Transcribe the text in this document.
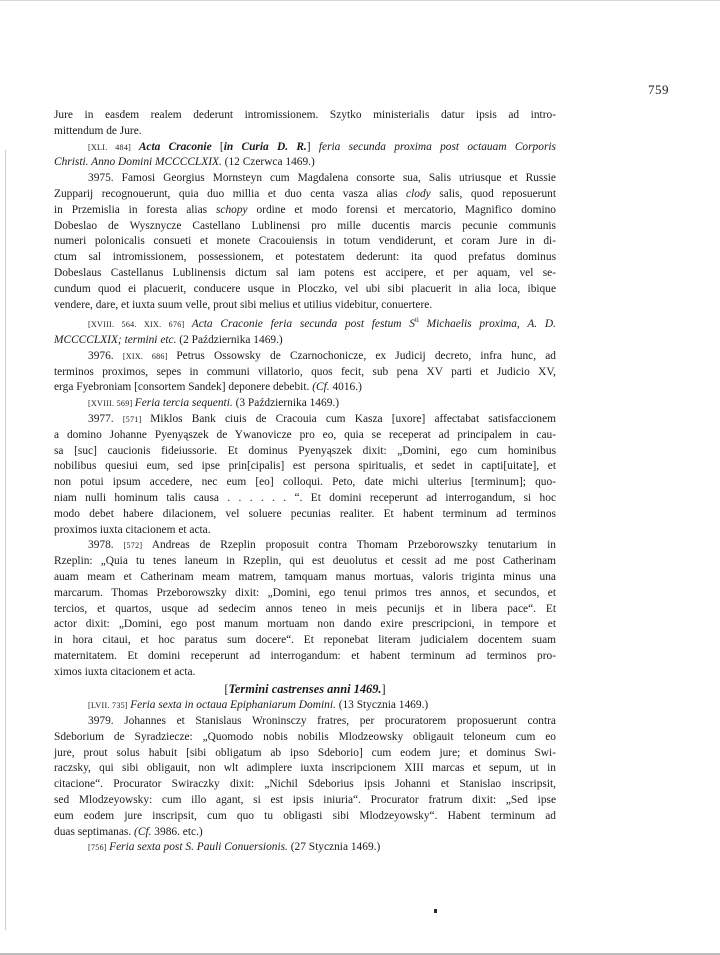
759

Jure in easdem realem dederunt intromissionem. Szytko ministerialis datur ipsis ad intro-

mittendum de Jure.

[XLI. 484] Acta Craconie [in Curia D. R.] feria secunda proxima post octauam Corporis

Christi. Anno Domini MCCCCLXIX. (12 Czerwca 1469.)

3975. Famosi Georgius Mornsteyn cum Magdalena consorte sua, Salis utriusque et Russie

Zupparij recognouerunt, quia duo millia et duo centa vasza alias clody salis, quod reposuerunt

in Przemislia in foresta alias schopy ordine et modo forensi et mercatorio, Magnifico domino

Dobeslao de Wysznycze Castellano Lublinensi pro mille ducentis marcis pecunie communis

numeri polonicalis consueti et monete Cracouiensis in totum vendiderunt, et coram Jure in di-

ctum sal intromissionem, possessionem, et potestatem dederunt: ita quod prefatus dominus

Dobeslaus Castellanus Lublinensis dictum sal iam potens est accipere, et per aquam, vel se-

cundum quod ei placuerit, conducere usque in Ploczko, vel ubi sibi placuerit in alia loca, ibique

vendere, dare, et iuxta suum velle, prout sibi melius et utilius videbitur, conuertere.

[XVIII. 564. XIX. 676] Acta Craconie feria secunda post festum $S^{ti}$ Michaelis proxima, A. D.

MCCCCLXIX; termini etc. (2 Października 1469.)

3976. [XIX. 686] Petrus Ossowsky de Czarnochonicze, ex Judicij decreto, infra hunc, ad

terminos proximos, sepes in communi villatorio, quos fecit, sub pena XV parti et Judicio XV,

erga Fyebroniam [consortem Sandek] deponere debebit. (Cf. 4016.)

[XVIII. 569] Feria tercia sequenti. (3 Października 1469.)

3977. [571] Miklos Bank ciuis de Cracouia cum Kasza [uxore] affectabat satisfaccionem

a domino Johanne Pyenyąszek de Ywanovicze pro eo, quia se receperat ad principalem in cau-

sa [suc] caucionis fideiussorie. Et dominus Pyenyąszek dixit: „Domini, ego cum hominibus

nobilibus quesiui eum, sed ipse prin[cipalis] est persona spiritualis, et sedet in capti[uitate], et

non potui ipsum accedere, nec eum [eo] colloqui. Peto, date michi ulterius [terminum]; quo-

niam nulli hominum talis causa . . . . . . “. Et domini receperunt ad interrogandum, si hoc

modo debet habere dilacionem, vel soluere pecunias realiter. Et habent terminum ad terminos

proximos iuxta citacionem et acta.

3978. [572] Andreas de Rzeplin proposuit contra Thomam Przeborowszky tenutarium in

Rzeplin: „Quia tu tenes laneum in Rzeplin, qui est deuolutus et cessit ad me post Catherinam

auam meam et Catherinam meam matrem, tamquam manus mortuas, valoris triginta minus una

marcarum. Thomas Przeborowszky dixit: „Domini, ego tenui primos tres annos, et secundos, et

tercios, et quartos, usque ad sedecim annos teneo in meis pecunijs et in libera pace“. Et

actor dixit: „Domini, ego post manum mortuam non dando exire prescripcioni, in tempore et

in hora citaui, et hoc paratus sum docere“. Et reponebat literam judicialem docentem suam

maternitatem. Et domini receperunt ad interrogandum: et habent terminum ad terminos pro-

ximos iuxta citacionem et acta.

[Termini castrenses anni 1469.]

[LVII. 735] Feria sexta in octaua Epiphaniarum Domini. (13 Stycznia 1469.)

3979. Johannes et Stanislaus Wroninsczy fratres, per procuratorem proposuerunt contra

Sdeborium de Syradziecze: „Quomodo nobis nobilis Mlodzeowsky obligauit teloneum cum eo

jure, prout solus habuit [sibi obligatum ab ipso Sdeborio] cum eodem jure; et dominus Swi-

raczsky, qui sibi obligauit, non wlt adimplere iuxta inscripcionem XIII marcas et sepum, ut in

citacione“. Procurator Swiraczky dixit: „Nichil Sdeborius ipsis Johanni et Stanislao inscripsit,

sed Mlodzeyowsky: cum illo agant, si est ipsis iniuria“. Procurator fratrum dixit: „Sed ipse

eum eodem jure inscripsit, cum quo tu obligasti sibi Mlodzeyowsky“. Habent terminum ad

duas septimanas. (Cf. 3986. etc.)

[756] Feria sexta post S. Pauli Conuersionis. (27 Stycznia 1469.)
